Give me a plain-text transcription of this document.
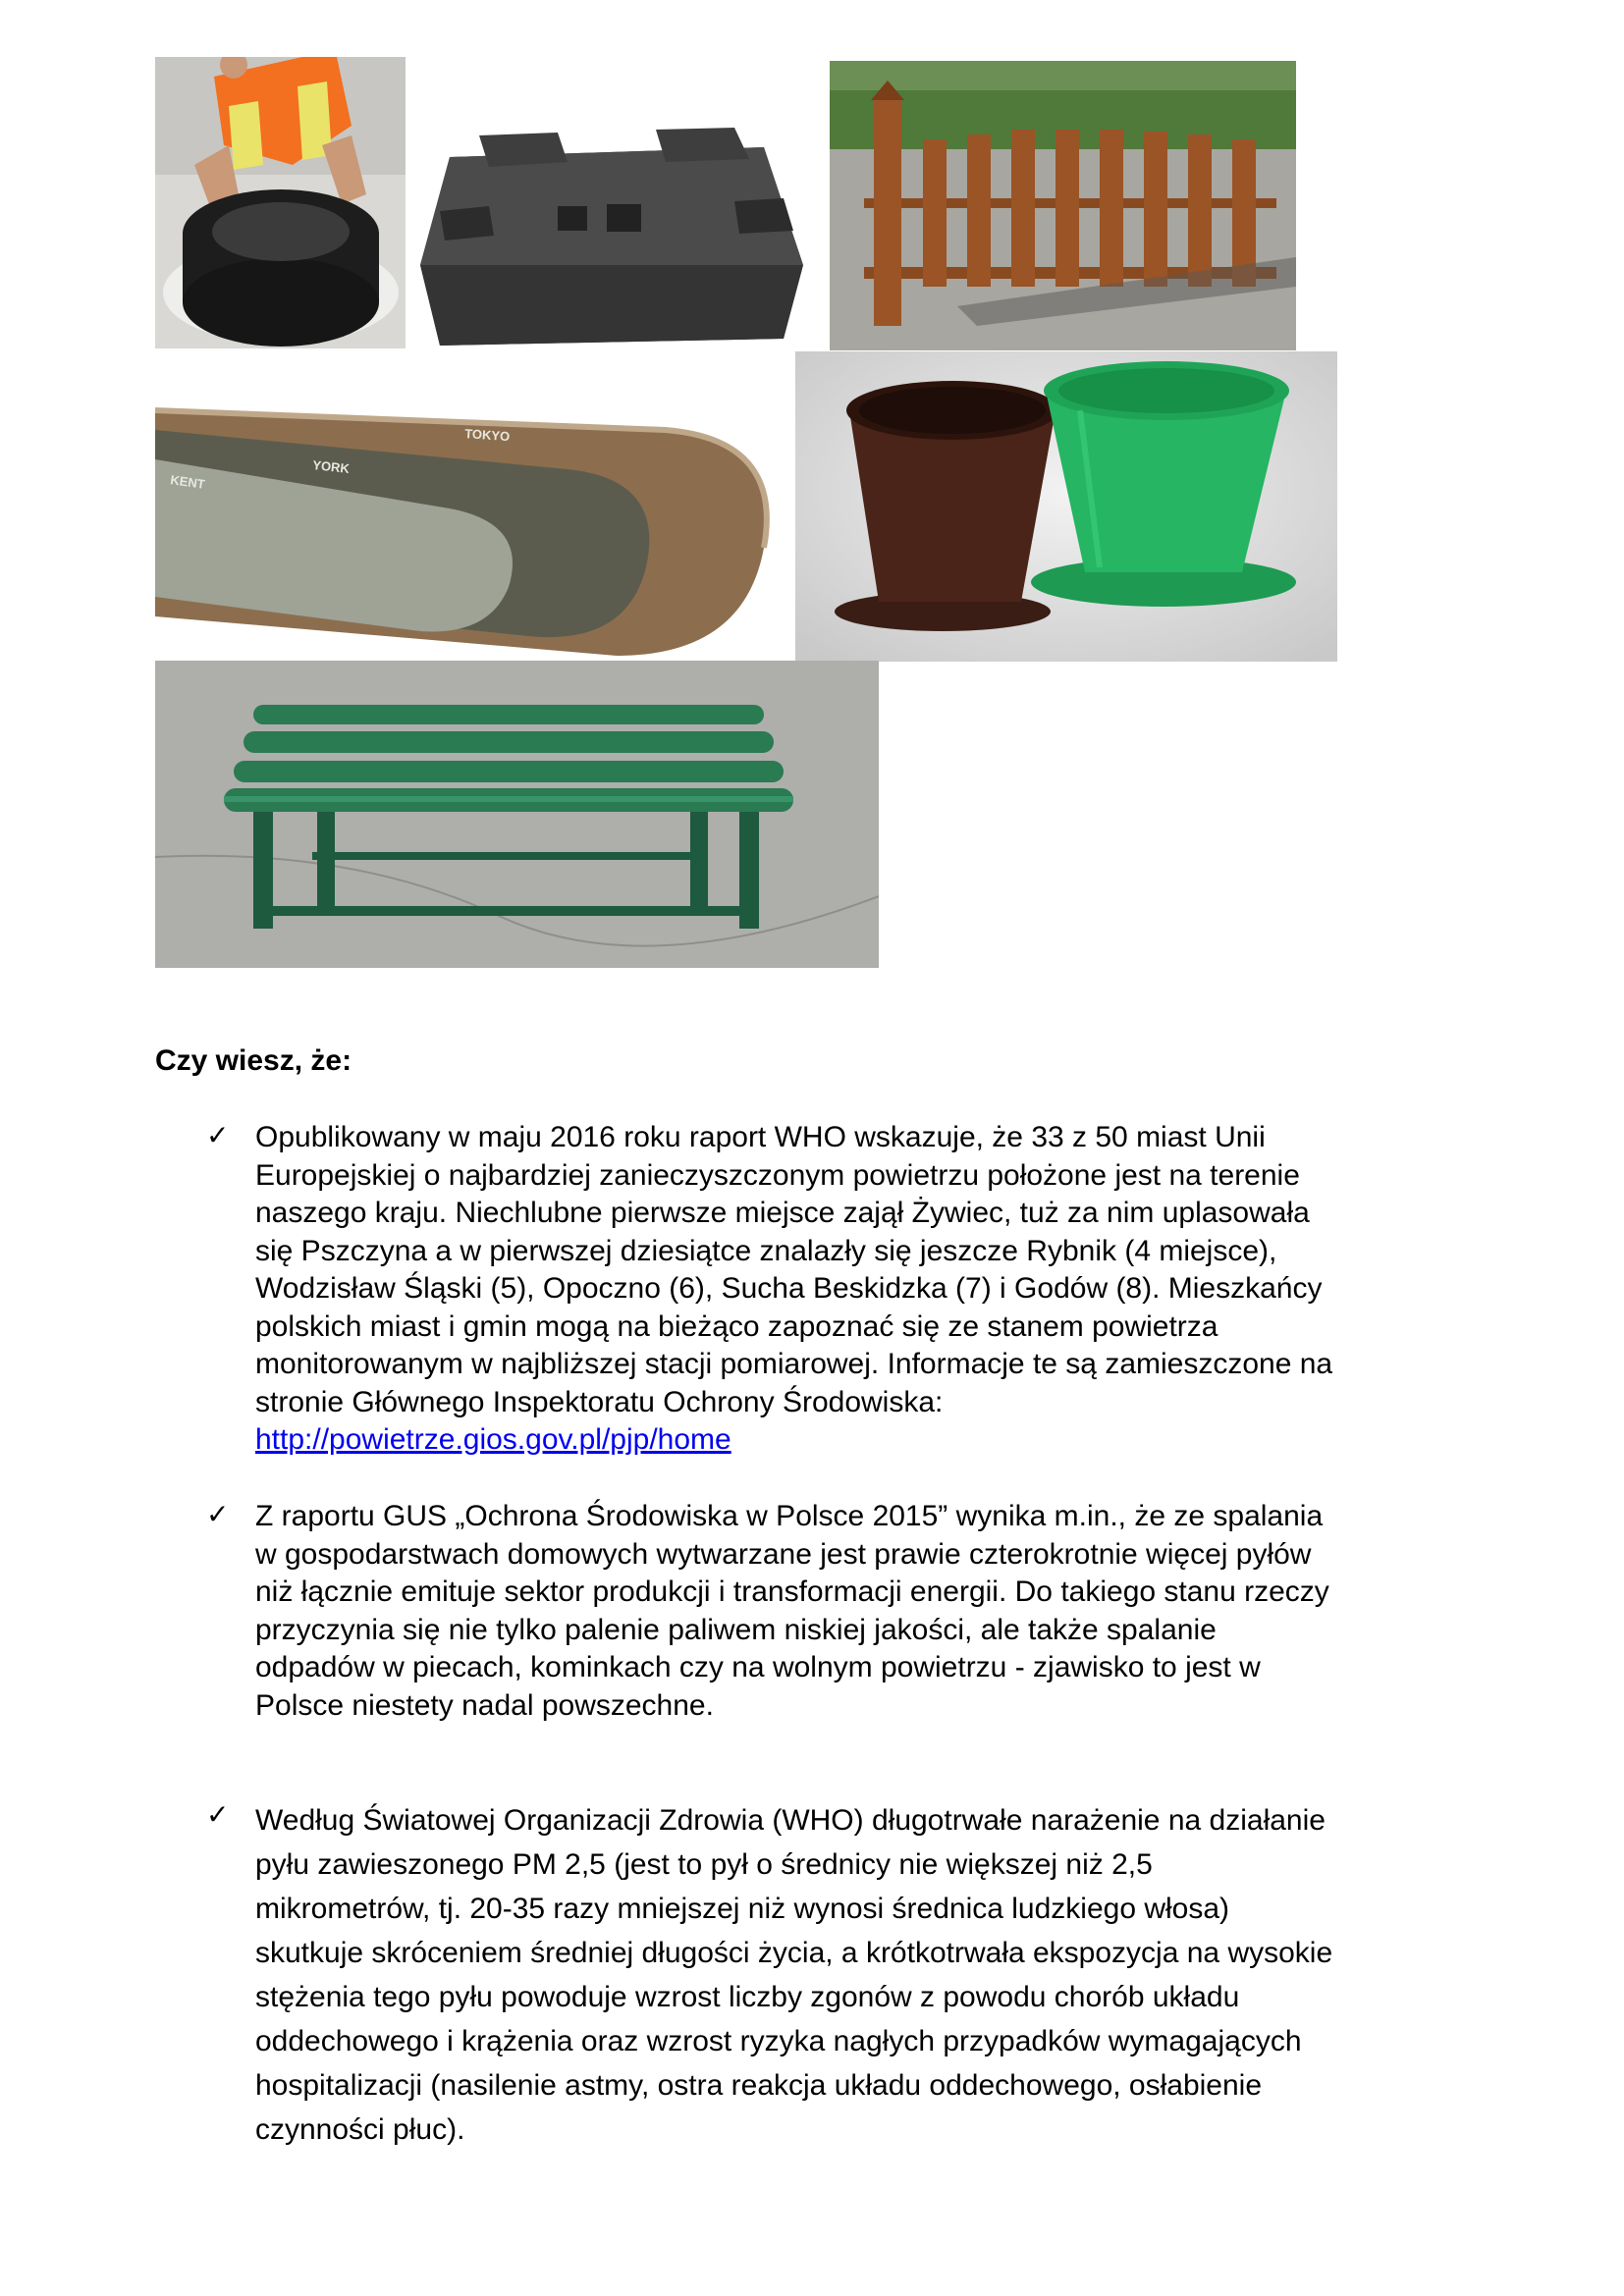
KENT
YORK
TOKYO
Czy wiesz, że:
✓ Opublikowany w maju 2016 roku raport WHO wskazuje, że 33 z 50 miast Unii
Europejskiej o najbardziej zanieczyszczonym powietrzu położone jest na terenie
naszego kraju. Niechlubne pierwsze miejsce zajął Żywiec, tuż za nim uplasowała
się Pszczyna a w pierwszej dziesiątce znalazły się jeszcze Rybnik (4 miejsce),
Wodzisław Śląski (5), Opoczno (6), Sucha Beskidzka (7) i Godów (8). Mieszkańcy
polskich miast i gmin mogą na bieżąco zapoznać się ze stanem powietrza
monitorowanym w najbliższej stacji pomiarowej. Informacje te są zamieszczone na
stronie Głównego Inspektoratu Ochrony Środowiska:
http://powietrze.gios.gov.pl/pjp/home
✓ Z raportu GUS „Ochrona Środowiska w Polsce 2015” wynika m.in., że ze spalania
w gospodarstwach domowych wytwarzane jest prawie czterokrotnie więcej pyłów
niż łącznie emituje sektor produkcji i transformacji energii. Do takiego stanu rzeczy
przyczynia się nie tylko palenie paliwem niskiej jakości, ale także spalanie
odpadów w piecach, kominkach czy na wolnym powietrzu - zjawisko to jest w
Polsce niestety nadal powszechne.
✓ Według Światowej Organizacji Zdrowia (WHO) długotrwałe narażenie na działanie
pyłu zawieszonego PM 2,5 (jest to pył o średnicy nie większej niż 2,5
mikrometrów, tj. 20-35 razy mniejszej niż wynosi średnica ludzkiego włosa)
skutkuje skróceniem średniej długości życia, a krótkotrwała ekspozycja na wysokie
stężenia tego pyłu powoduje wzrost liczby zgonów z powodu chorób układu
oddechowego i krążenia oraz wzrost ryzyka nagłych przypadków wymagających
hospitalizacji (nasilenie astmy, ostra reakcja układu oddechowego, osłabienie
czynności płuc).
